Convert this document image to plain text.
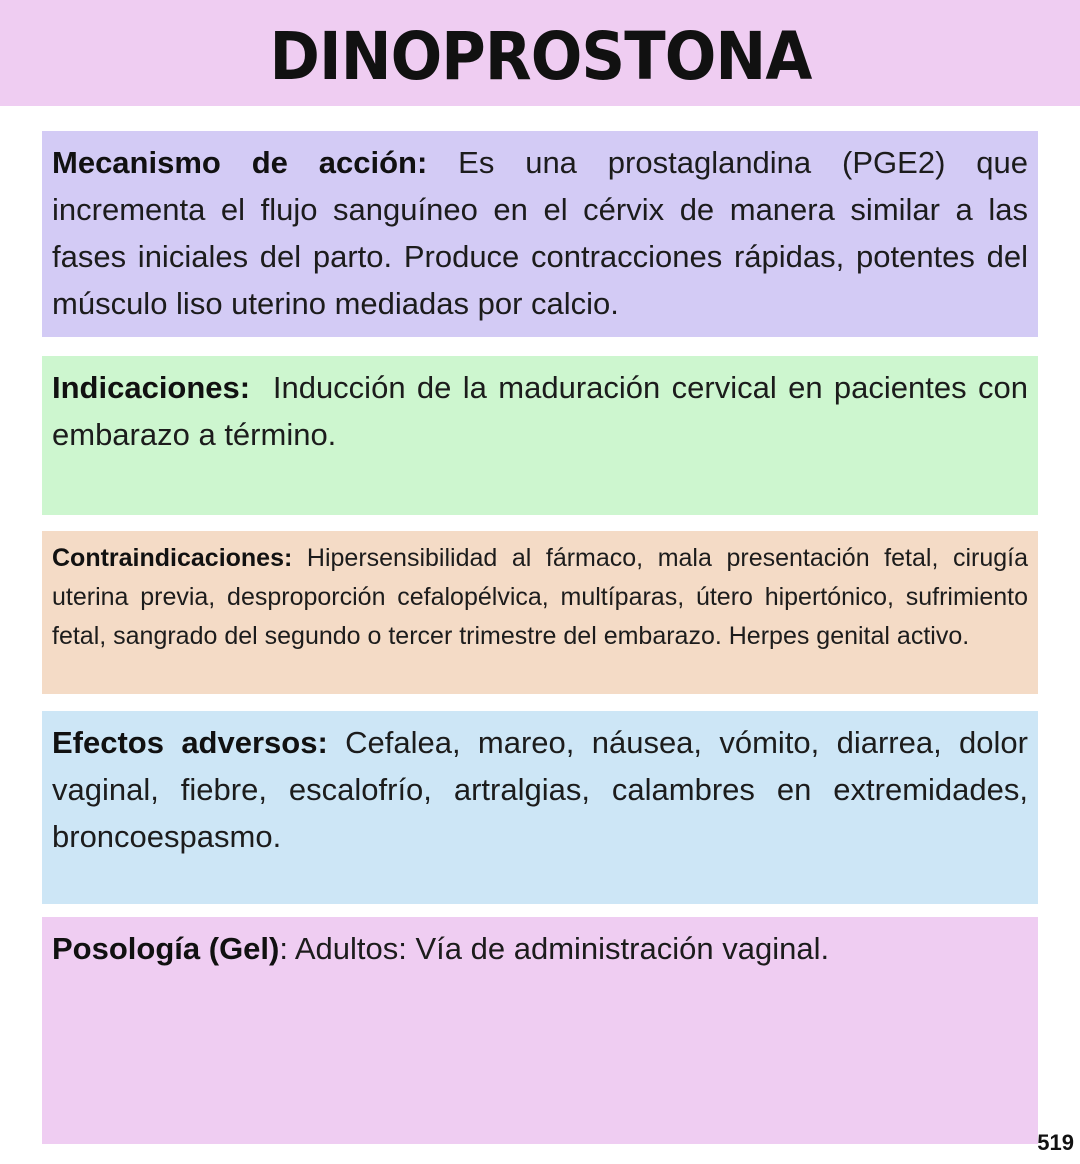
DINOPROSTONA

Mecanismo de acción: Es una prostaglandina (PGE2) que incrementa el flujo sanguíneo en el cérvix de manera similar a las fases iniciales del parto. Produce contracciones rápidas, potentes del músculo liso uterino mediadas por calcio.

Indicaciones:  Inducción de la maduración cervical en pacientes con embarazo a término.

Contraindicaciones: Hipersensibilidad al fármaco, mala presentación fetal, cirugía uterina previa, desproporción cefalopélvica, multíparas, útero hipertónico, sufrimiento fetal, sangrado del segundo o tercer trimestre del embarazo. Herpes genital activo.

Efectos adversos: Cefalea, mareo, náusea, vómito, diarrea, dolor vaginal, fiebre, escalofrío, artralgias, calambres en extremidades, broncoespasmo.

Posología (Gel): Adultos: Vía de administración vaginal.

519
